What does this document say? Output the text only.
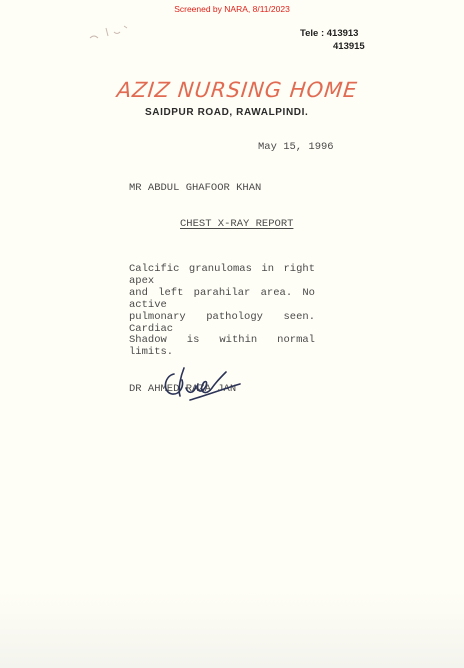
Screened by NARA, 8/11/2023
Tele : 413913
413915
AZIZ NURSING HOME
SAIDPUR ROAD, RAWALPINDI.
May 15, 1996
MR ABDUL GHAFOOR KHAN
CHEST X-RAY REPORT
Calcific granulomas in right apex
and left parahilar area. No active
pulmonary pathology seen. Cardiac
Shadow is within normal limits.
DR AHMED RAZA JAN
